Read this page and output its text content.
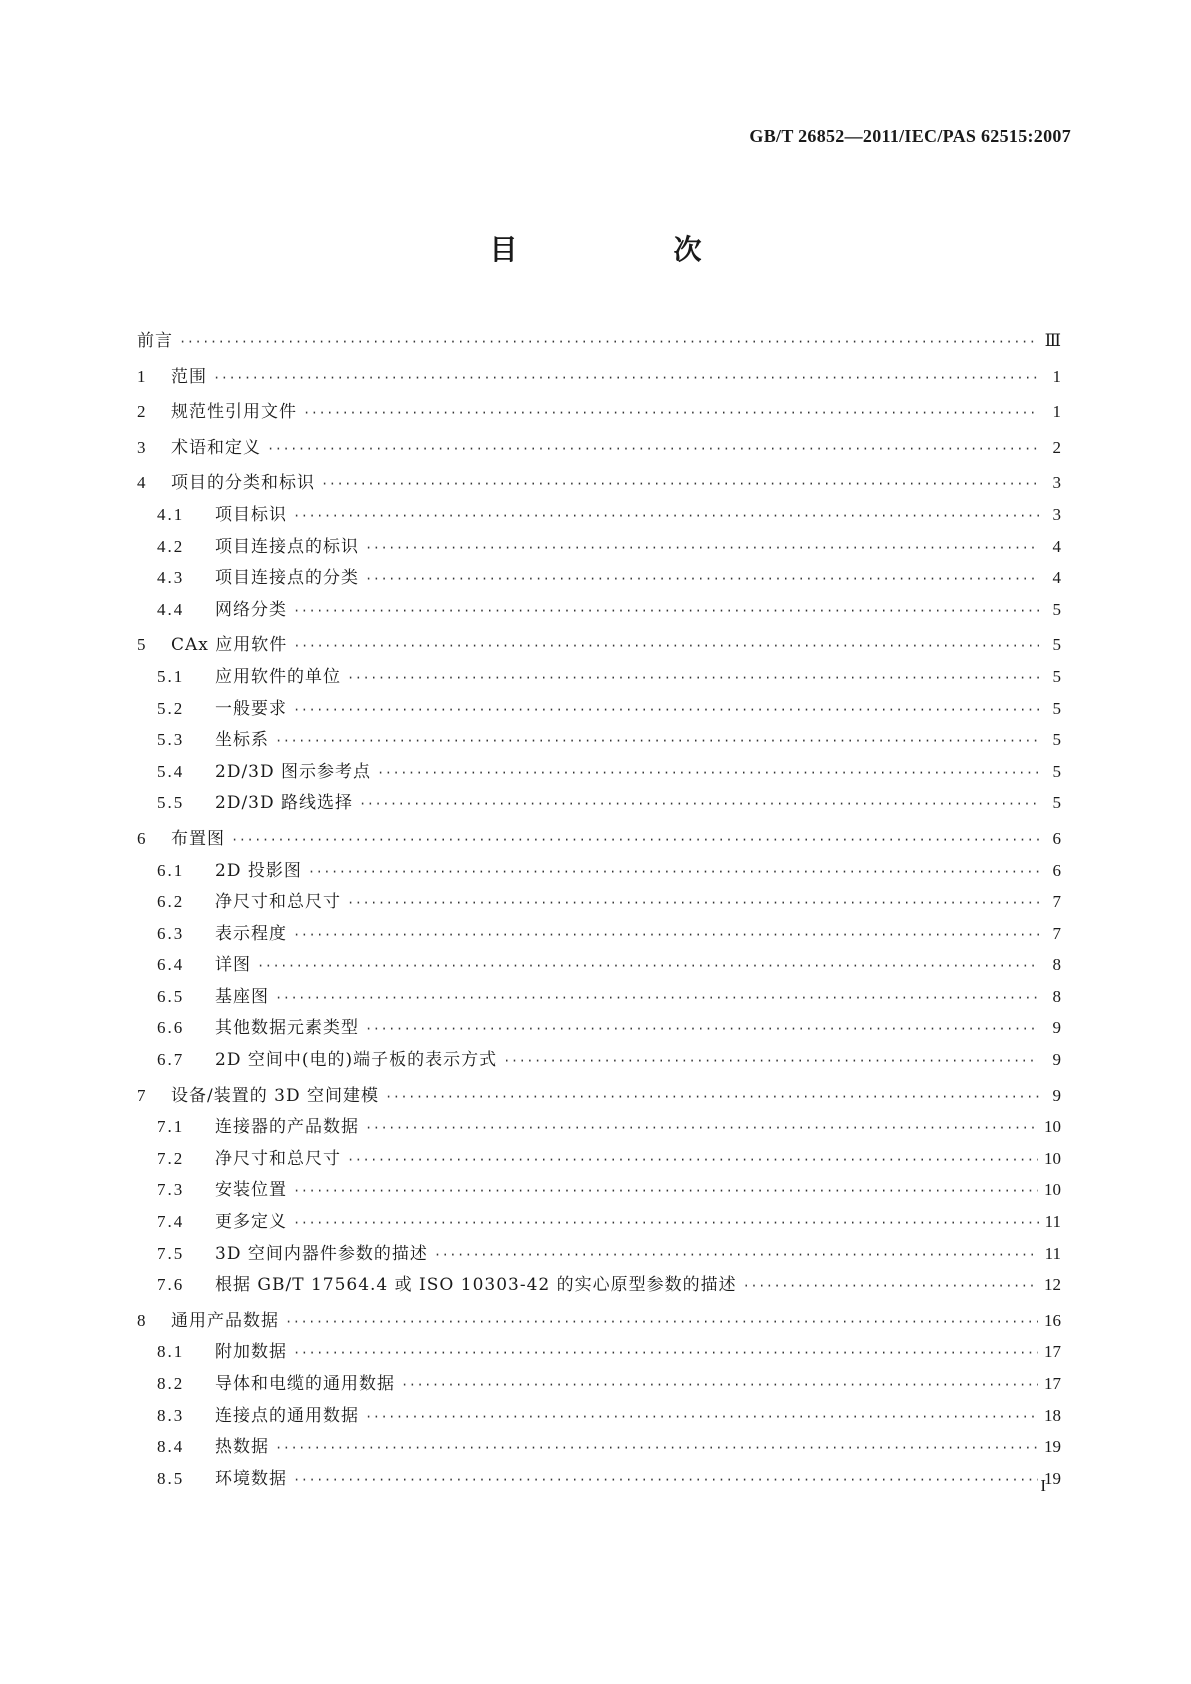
GB/T 26852—2011/IEC/PAS 62515:2007
目　次
前言 ·····	Ⅲ
1	范围 ·····	1
2	规范性引用文件 ·····	1
3	术语和定义 ·····	2
4	项目的分类和标识 ·····	3
4.1	项目标识 ·····	3
4.2	项目连接点的标识 ·····	4
4.3	项目连接点的分类 ·····	4
4.4	网络分类 ·····	5
5	CAx 应用软件 ·····	5
5.1	应用软件的单位 ·····	5
5.2	一般要求 ·····	5
5.3	坐标系 ·····	5
5.4	2D/3D 图示参考点 ·····	5
5.5	2D/3D 路线选择 ·····	5
6	布置图 ·····	6
6.1	2D 投影图 ·····	6
6.2	净尺寸和总尺寸 ·····	7
6.3	表示程度 ·····	7
6.4	详图 ·····	8
6.5	基座图 ·····	8
6.6	其他数据元素类型 ·····	9
6.7	2D 空间中(电的)端子板的表示方式 ·····	9
7	设备/装置的 3D 空间建模 ·····	9
7.1	连接器的产品数据 ·····	10
7.2	净尺寸和总尺寸 ·····	10
7.3	安装位置 ·····	10
7.4	更多定义 ·····	11
7.5	3D 空间内器件参数的描述 ·····	11
7.6	根据 GB/T 17564.4 或 ISO 10303-42 的实心原型参数的描述 ·····	12
8	通用产品数据 ·····	16
8.1	附加数据 ·····	17
8.2	导体和电缆的通用数据 ·····	17
8.3	连接点的通用数据 ·····	18
8.4	热数据 ·····	19
8.5	环境数据 ·····	19
I
